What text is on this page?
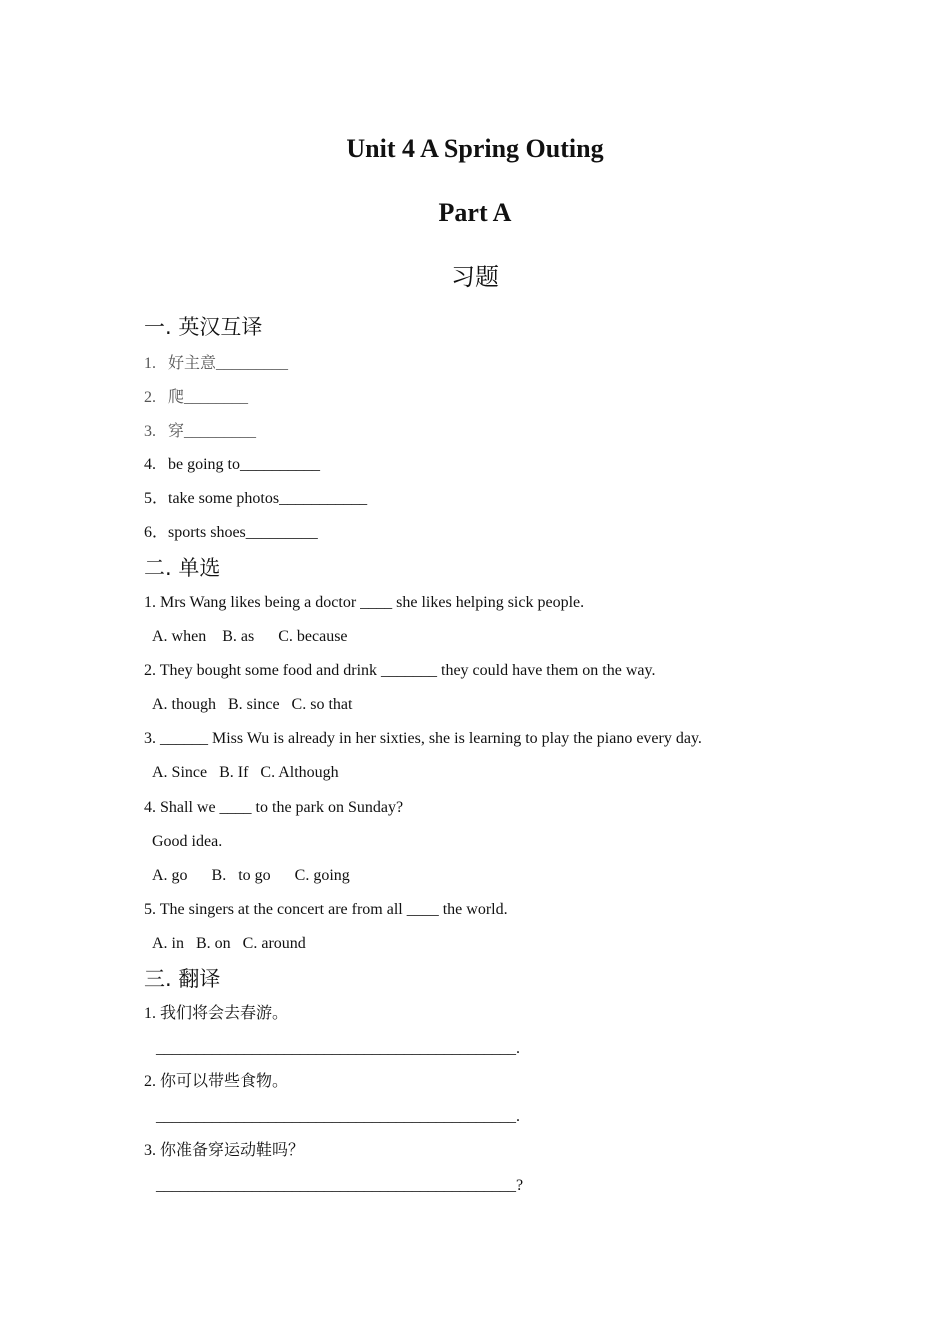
Unit 4 A Spring Outing
Part A
习题
一. 英汉互译
1.   好主意_________
2.   爬________
3.   穿_________
4.   be going to__________
5．take some photos___________
6．sports shoes_________
二. 单选
1. Mrs Wang likes being a doctor ____ she likes helping sick people.
A. when    B. as      C. because
2. They bought some food and drink _______ they could have them on the way.
A. though   B. since   C. so that
3. ______ Miss Wu is already in her sixties, she is learning to play the piano every day.
A. Since   B. If   C. Although
4. Shall we ____ to the park on Sunday?
Good idea.
A. go      B.   to go      C. going
5. The singers at the concert are from all ____ the world.
A. in   B. on   C. around
三. 翻译
1. 我们将会去春游。
_____________________________________________.
2. 你可以带些食物。
_____________________________________________.
3. 你准备穿运动鞋吗？
_____________________________________________?
